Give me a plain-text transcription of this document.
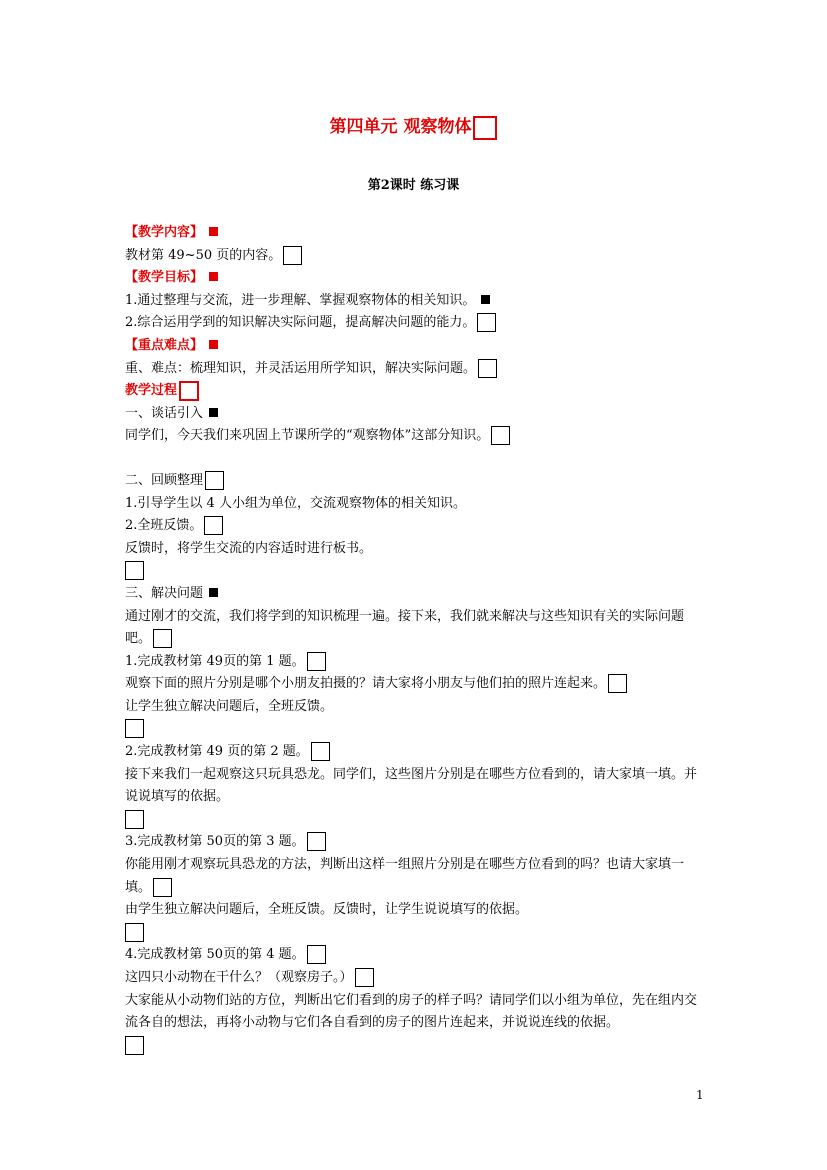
第四单元 观察物体
第2课时 练习课
【教学内容】
教材第 49~50 页的内容。
【教学目标】
1.通过整理与交流，进一步理解、掌握观察物体的相关知识。
2.综合运用学到的知识解决实际问题，提高解决问题的能力。
【重点难点】
重、难点：梳理知识，并灵活运用所学知识，解决实际问题。
教学过程
一、谈话引入
同学们，今天我们来巩固上节课所学的“观察物体”这部分知识。
二、回顾整理
1.引导学生以 4 人小组为单位，交流观察物体的相关知识。
2.全班反馈。
反馈时，将学生交流的内容适时进行板书。
三、解决问题
通过刚才的交流，我们将学到的知识梳理一遍。接下来，我们就来解决与这些知识有关的实际问题吧。
1.完成教材第 49页的第 1 题。
观察下面的照片分别是哪个小朋友拍摄的？请大家将小朋友与他们拍的照片连起来。
让学生独立解决问题后，全班反馈。
2.完成教材第 49 页的第 2 题。
接下来我们一起观察这只玩具恐龙。同学们，这些图片分别是在哪些方位看到的，请大家填一填。并说说填写的依据。
3.完成教材第 50页的第 3 题。
你能用刚才观察玩具恐龙的方法，判断出这样一组照片分别是在哪些方位看到的吗？也请大家填一填。
由学生独立解决问题后，全班反馈。反馈时，让学生说说填写的依据。
4.完成教材第 50页的第 4 题。
这四只小动物在干什么？（观察房子。）
大家能从小动物们站的方位，判断出它们看到的房子的样子吗？请同学们以小组为单位，先在组内交流各自的想法，再将小动物与它们各自看到的房子的图片连起来，并说说连线的依据。
1
